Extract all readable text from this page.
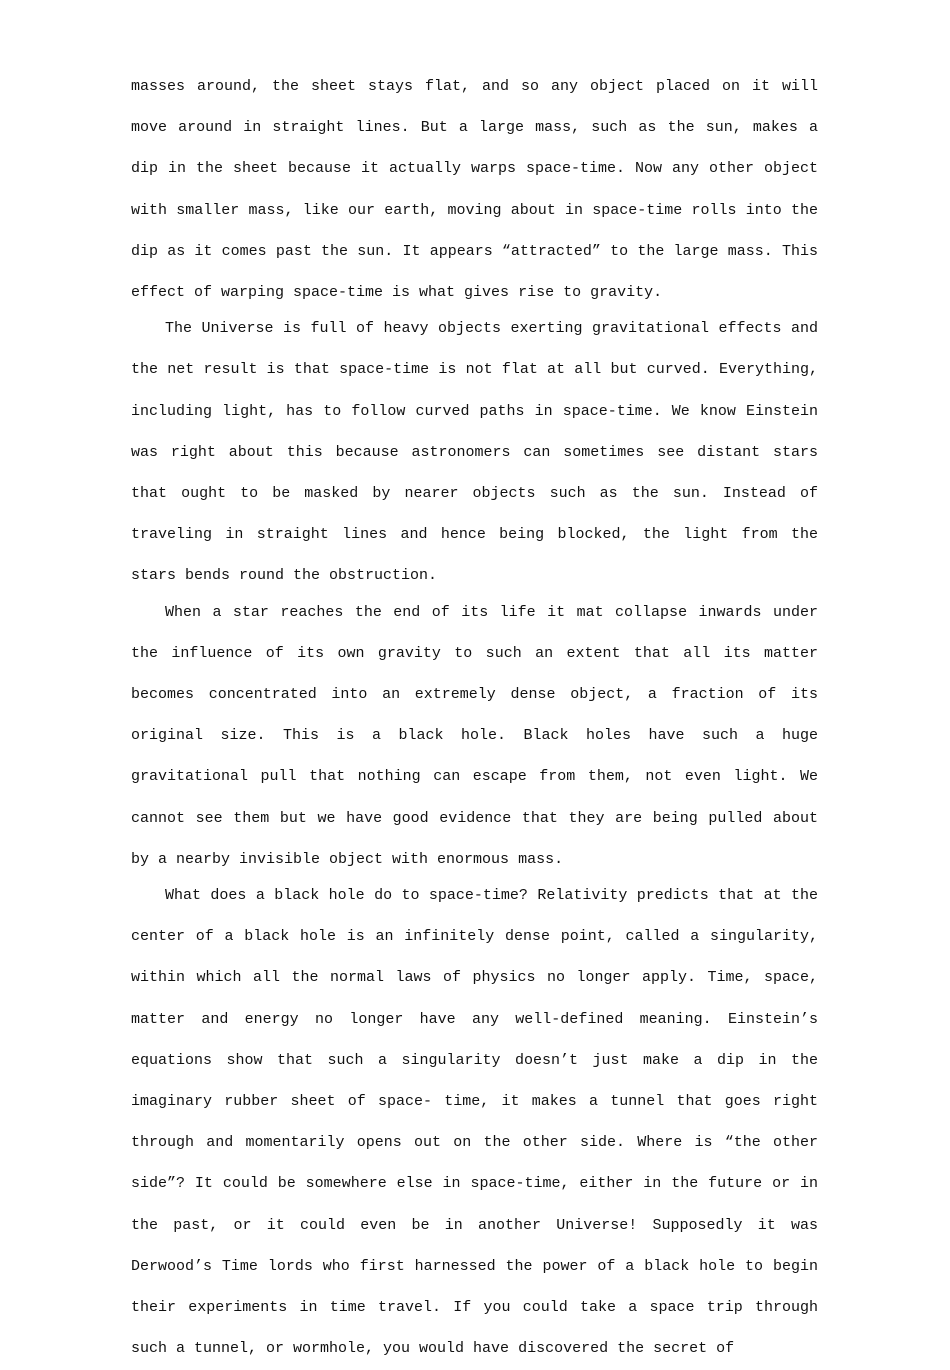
masses around, the sheet stays flat, and so any object placed on it will move around in straight lines. But a large mass, such as the sun, makes a dip in the sheet because it actually warps space-time. Now any other object with smaller mass, like our earth, moving about in space-time rolls into the dip as it comes past the sun. It appears “attracted” to the large mass. This effect of warping space-time is what gives rise to gravity.

The Universe is full of heavy objects exerting gravitational effects and the net result is that space-time is not flat at all but curved. Everything, including light, has to follow curved paths in space-time. We know Einstein was right about this because astronomers can sometimes see distant stars that ought to be masked by nearer objects such as the sun. Instead of traveling in straight lines and hence being blocked, the light from the stars bends round the obstruction.

When a star reaches the end of its life it mat collapse inwards under the influence of its own gravity to such an extent that all its matter becomes concentrated into an extremely dense object, a fraction of its original size. This is a black hole. Black holes have such a huge gravitational pull that nothing can escape from them, not even light. We cannot see them but we have good evidence that they are being pulled about by a nearby invisible object with enormous mass.

What does a black hole do to space-time? Relativity predicts that at the center of a black hole is an infinitely dense point, called a singularity, within which all the normal laws of physics no longer apply. Time, space, matter and energy no longer have any well-defined meaning. Einstein’s equations show that such a singularity doesn’t just make a dip in the imaginary rubber sheet of space- time, it makes a tunnel that goes right through and momentarily opens out on the other side. Where is “the other side”? It could be somewhere else in space-time, either in the future or in the past, or it could even be in another Universe! Supposedly it was Derwood’s Time lords who first harnessed the power of a black hole to begin their experiments in time travel. If you could take a space trip through such a tunnel, or wormhole, you would have discovered the secret of
